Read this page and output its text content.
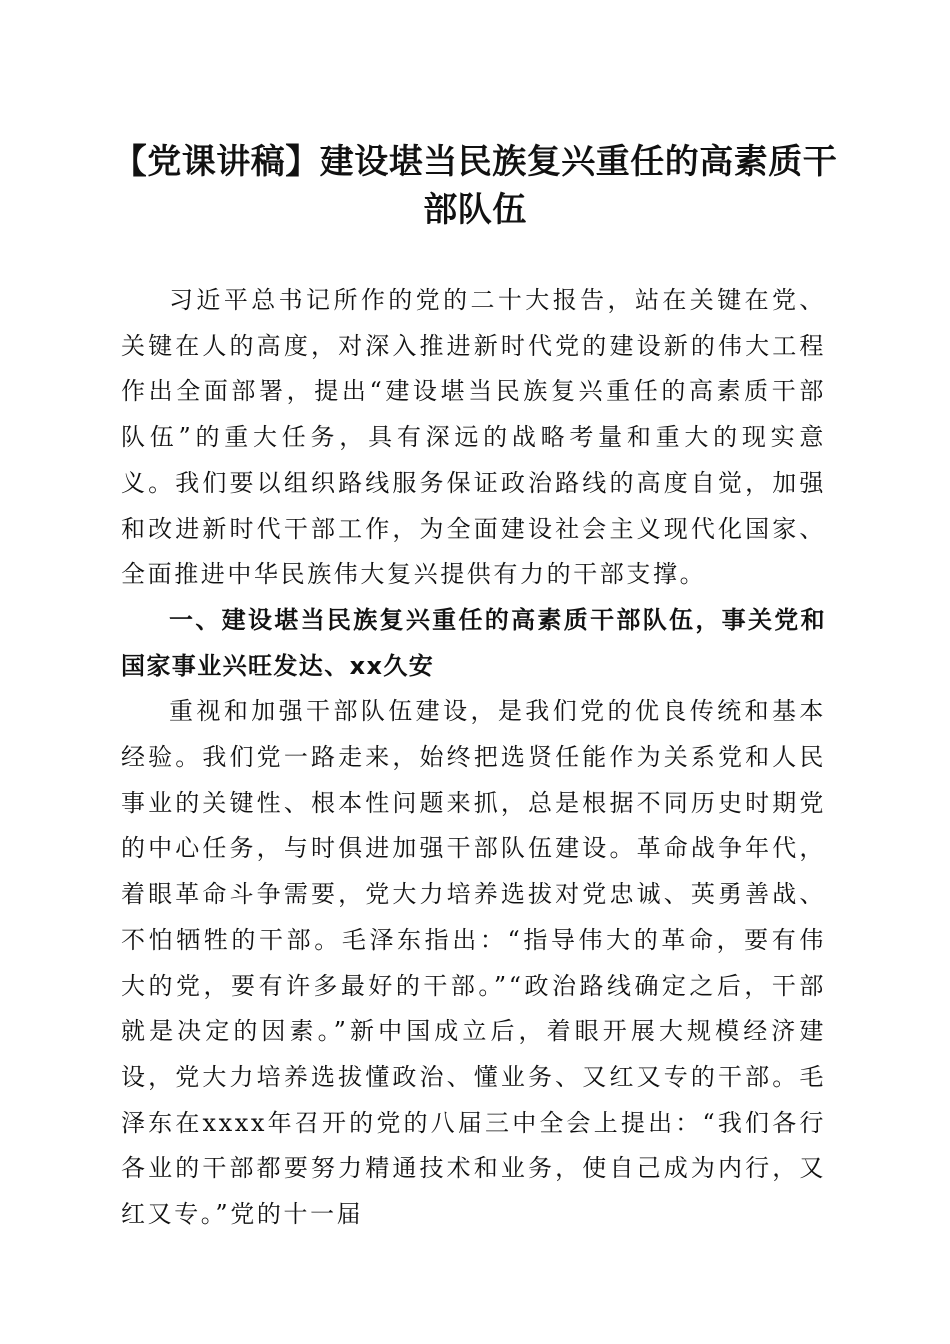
【党课讲稿】建设堪当民族复兴重任的高素质干部队伍

习近平总书记所作的党的二十大报告，站在关键在党、关键在人的高度，对深入推进新时代党的建设新的伟大工程作出全面部署，提出“建设堪当民族复兴重任的高素质干部队伍”的重大任务，具有深远的战略考量和重大的现实意义。我们要以组织路线服务保证政治路线的高度自觉，加强和改进新时代干部工作，为全面建设社会主义现代化国家、全面推进中华民族伟大复兴提供有力的干部支撑。

一、建设堪当民族复兴重任的高素质干部队伍，事关党和国家事业兴旺发达、xx久安

重视和加强干部队伍建设，是我们党的优良传统和基本经验。我们党一路走来，始终把选贤任能作为关系党和人民事业的关键性、根本性问题来抓，总是根据不同历史时期党的中心任务，与时俱进加强干部队伍建设。革命战争年代，着眼革命斗争需要，党大力培养选拔对党忠诚、英勇善战、不怕牺牲的干部。毛泽东指出：“指导伟大的革命，要有伟大的党，要有许多最好的干部。”“政治路线确定之后，干部就是决定的因素。”新中国成立后，着眼开展大规模经济建设，党大力培养选拔懂政治、懂业务、又红又专的干部。毛泽东在xxxx年召开的党的八届三中全会上提出：“我们各行各业的干部都要努力精通技术和业务，使自己成为内行，又红又专。”党的十一届
